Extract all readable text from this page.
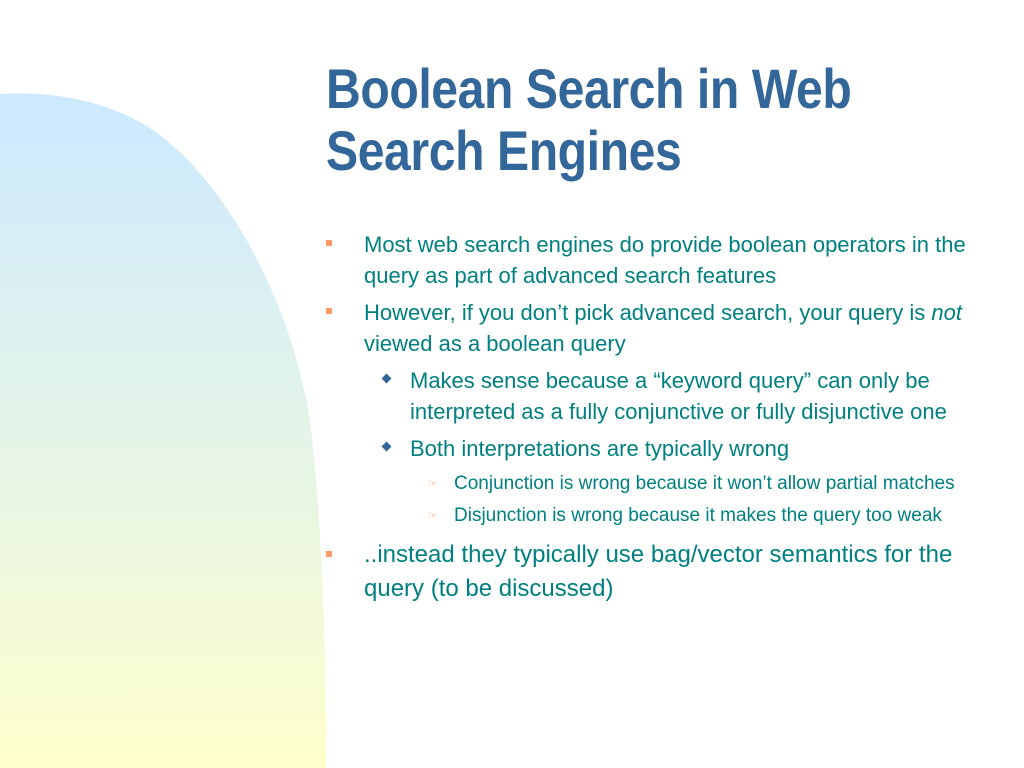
Boolean Search in Web Search Engines
Most web search engines do provide boolean operators in the query as part of advanced search features
However, if you don’t pick advanced search, your query is not viewed as a boolean query
Makes sense because a “keyword query” can only be interpreted as a fully conjunctive or fully disjunctive one
Both interpretations are typically wrong
☞ Conjunction is wrong because it won’t allow partial matches
☞ Disjunction is wrong because it makes the query too weak
..instead they typically use bag/vector semantics for the query (to be discussed)
